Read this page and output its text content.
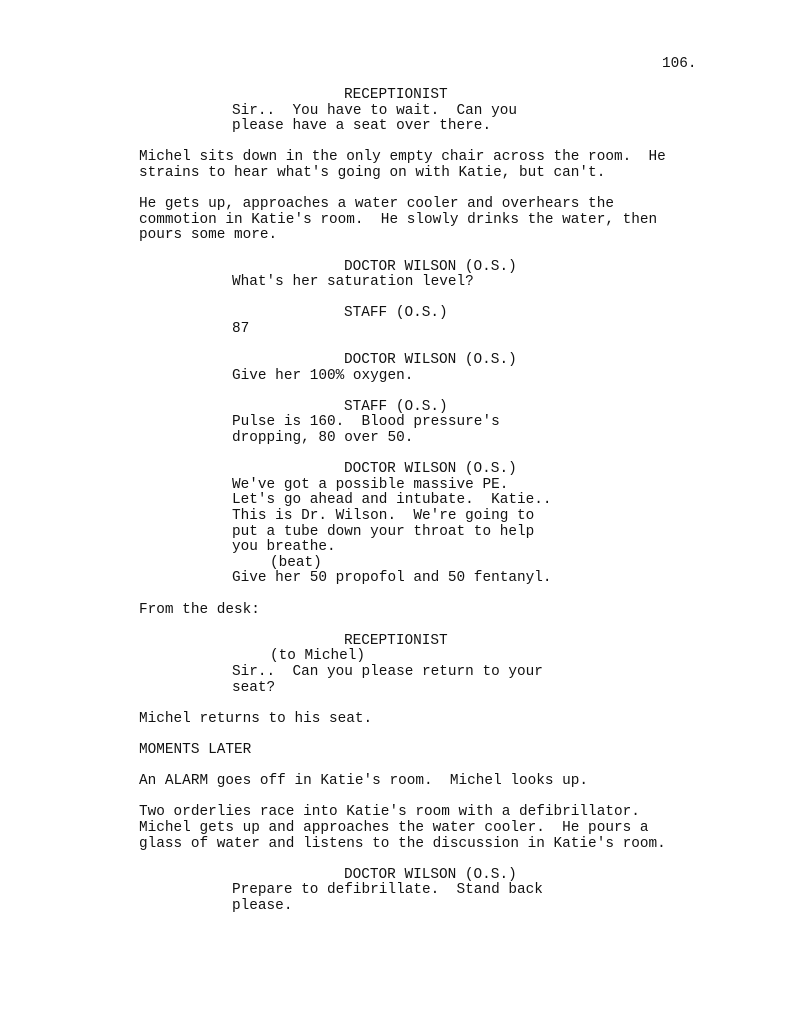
106.
RECEPTIONIST
Sir..  You have to wait.  Can you
please have a seat over there.
Michel sits down in the only empty chair across the room.  He
strains to hear what's going on with Katie, but can't.
He gets up, approaches a water cooler and overhears the
commotion in Katie's room.  He slowly drinks the water, then
pours some more.
DOCTOR WILSON (O.S.)
What's her saturation level?
STAFF (O.S.)
87
DOCTOR WILSON (O.S.)
Give her 100% oxygen.
STAFF (O.S.)
Pulse is 160.  Blood pressure's
dropping, 80 over 50.
DOCTOR WILSON (O.S.)
We've got a possible massive PE.
Let's go ahead and intubate.  Katie..
This is Dr. Wilson.  We're going to
put a tube down your throat to help
you breathe.
(beat)
Give her 50 propofol and 50 fentanyl.
From the desk:
RECEPTIONIST
(to Michel)
Sir..  Can you please return to your
seat?
Michel returns to his seat.
MOMENTS LATER
An ALARM goes off in Katie's room.  Michel looks up.
Two orderlies race into Katie's room with a defibrillator.
Michel gets up and approaches the water cooler.  He pours a
glass of water and listens to the discussion in Katie's room.
DOCTOR WILSON (O.S.)
Prepare to defibrillate.  Stand back
please.
